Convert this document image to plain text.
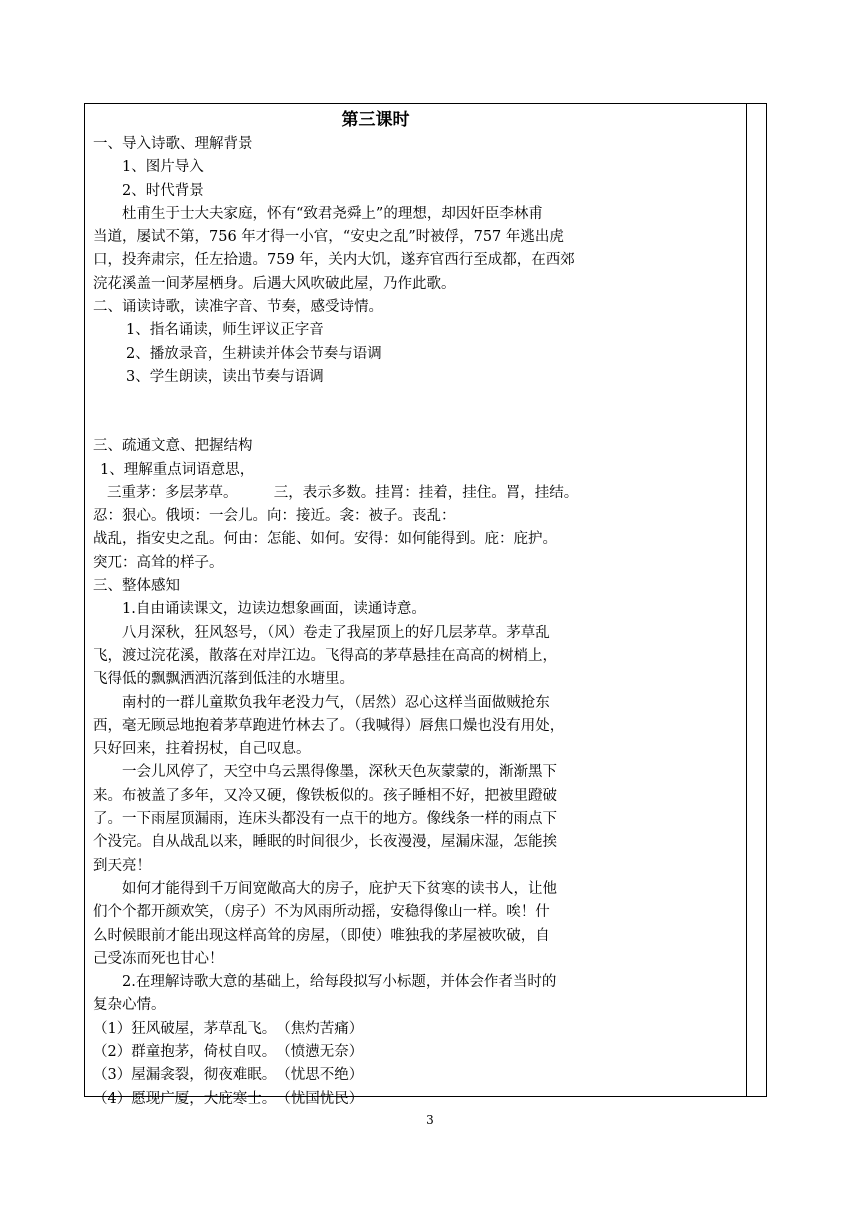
第三课时

一、导入诗歌、理解背景

1、图片导入

2、时代背景

杜甫生于士大夫家庭，怀有“致君尧舜上”的理想，却因奸臣李林甫

当道，屡试不第，756 年才得一小官，“安史之乱”时被俘，757 年逃出虎

口，投奔肃宗，任左拾遗。759 年，关内大饥，遂弃官西行至成都，在西郊

浣花溪盖一间茅屋栖身。后遇大风吹破此屋，乃作此歌。

二、诵读诗歌，读准字音、节奏，感受诗情。

1、指名诵读，师生评议正字音

2、播放录音，生耕读并体会节奏与语调

3、学生朗读，读出节奏与语调

三、疏通文意、把握结构

1、理解重点词语意思，

三重茅：多层茅草。　　　三，表示多数。挂罥：挂着，挂住。罥，挂结。

忍：狠心。俄顷：一会儿。向：接近。衾：被子。丧乱：

战乱，指安史之乱。何由：怎能、如何。安得：如何能得到。庇：庇护。

突兀：高耸的样子。

三、整体感知

1.自由诵读课文，边读边想象画面，读通诗意。

八月深秋，狂风怒号，（风）卷走了我屋顶上的好几层茅草。茅草乱

飞，渡过浣花溪，散落在对岸江边。飞得高的茅草悬挂在高高的树梢上，

飞得低的飘飘洒洒沉落到低洼的水塘里。

南村的一群儿童欺负我年老没力气，（居然）忍心这样当面做贼抢东

西，毫无顾忌地抱着茅草跑进竹林去了。（我喊得）唇焦口燥也没有用处，

只好回来，拄着拐杖，自己叹息。

一会儿风停了，天空中乌云黑得像墨，深秋天色灰蒙蒙的，渐渐黑下

来。布被盖了多年，又冷又硬，像铁板似的。孩子睡相不好，把被里蹬破

了。一下雨屋顶漏雨，连床头都没有一点干的地方。像线条一样的雨点下

个没完。自从战乱以来，睡眠的时间很少，长夜漫漫，屋漏床湿，怎能挨

到天亮！

如何才能得到千万间宽敞高大的房子，庇护天下贫寒的读书人，让他

们个个都开颜欢笑，（房子）不为风雨所动摇，安稳得像山一样。唉！什

么时候眼前才能出现这样高耸的房屋，（即使）唯独我的茅屋被吹破，自

己受冻而死也甘心！

2.在理解诗歌大意的基础上，给每段拟写小标题，并体会作者当时的

复杂心情。

（1）狂风破屋，茅草乱飞。　（焦灼苦痛）

（2）群童抱茅，倚杖自叹。　（愤懑无奈）

（3）屋漏衾裂，彻夜难眠。　（忧思不绝）

（4）愿现广厦，大庇寒士。　（忧国忧民）

3
